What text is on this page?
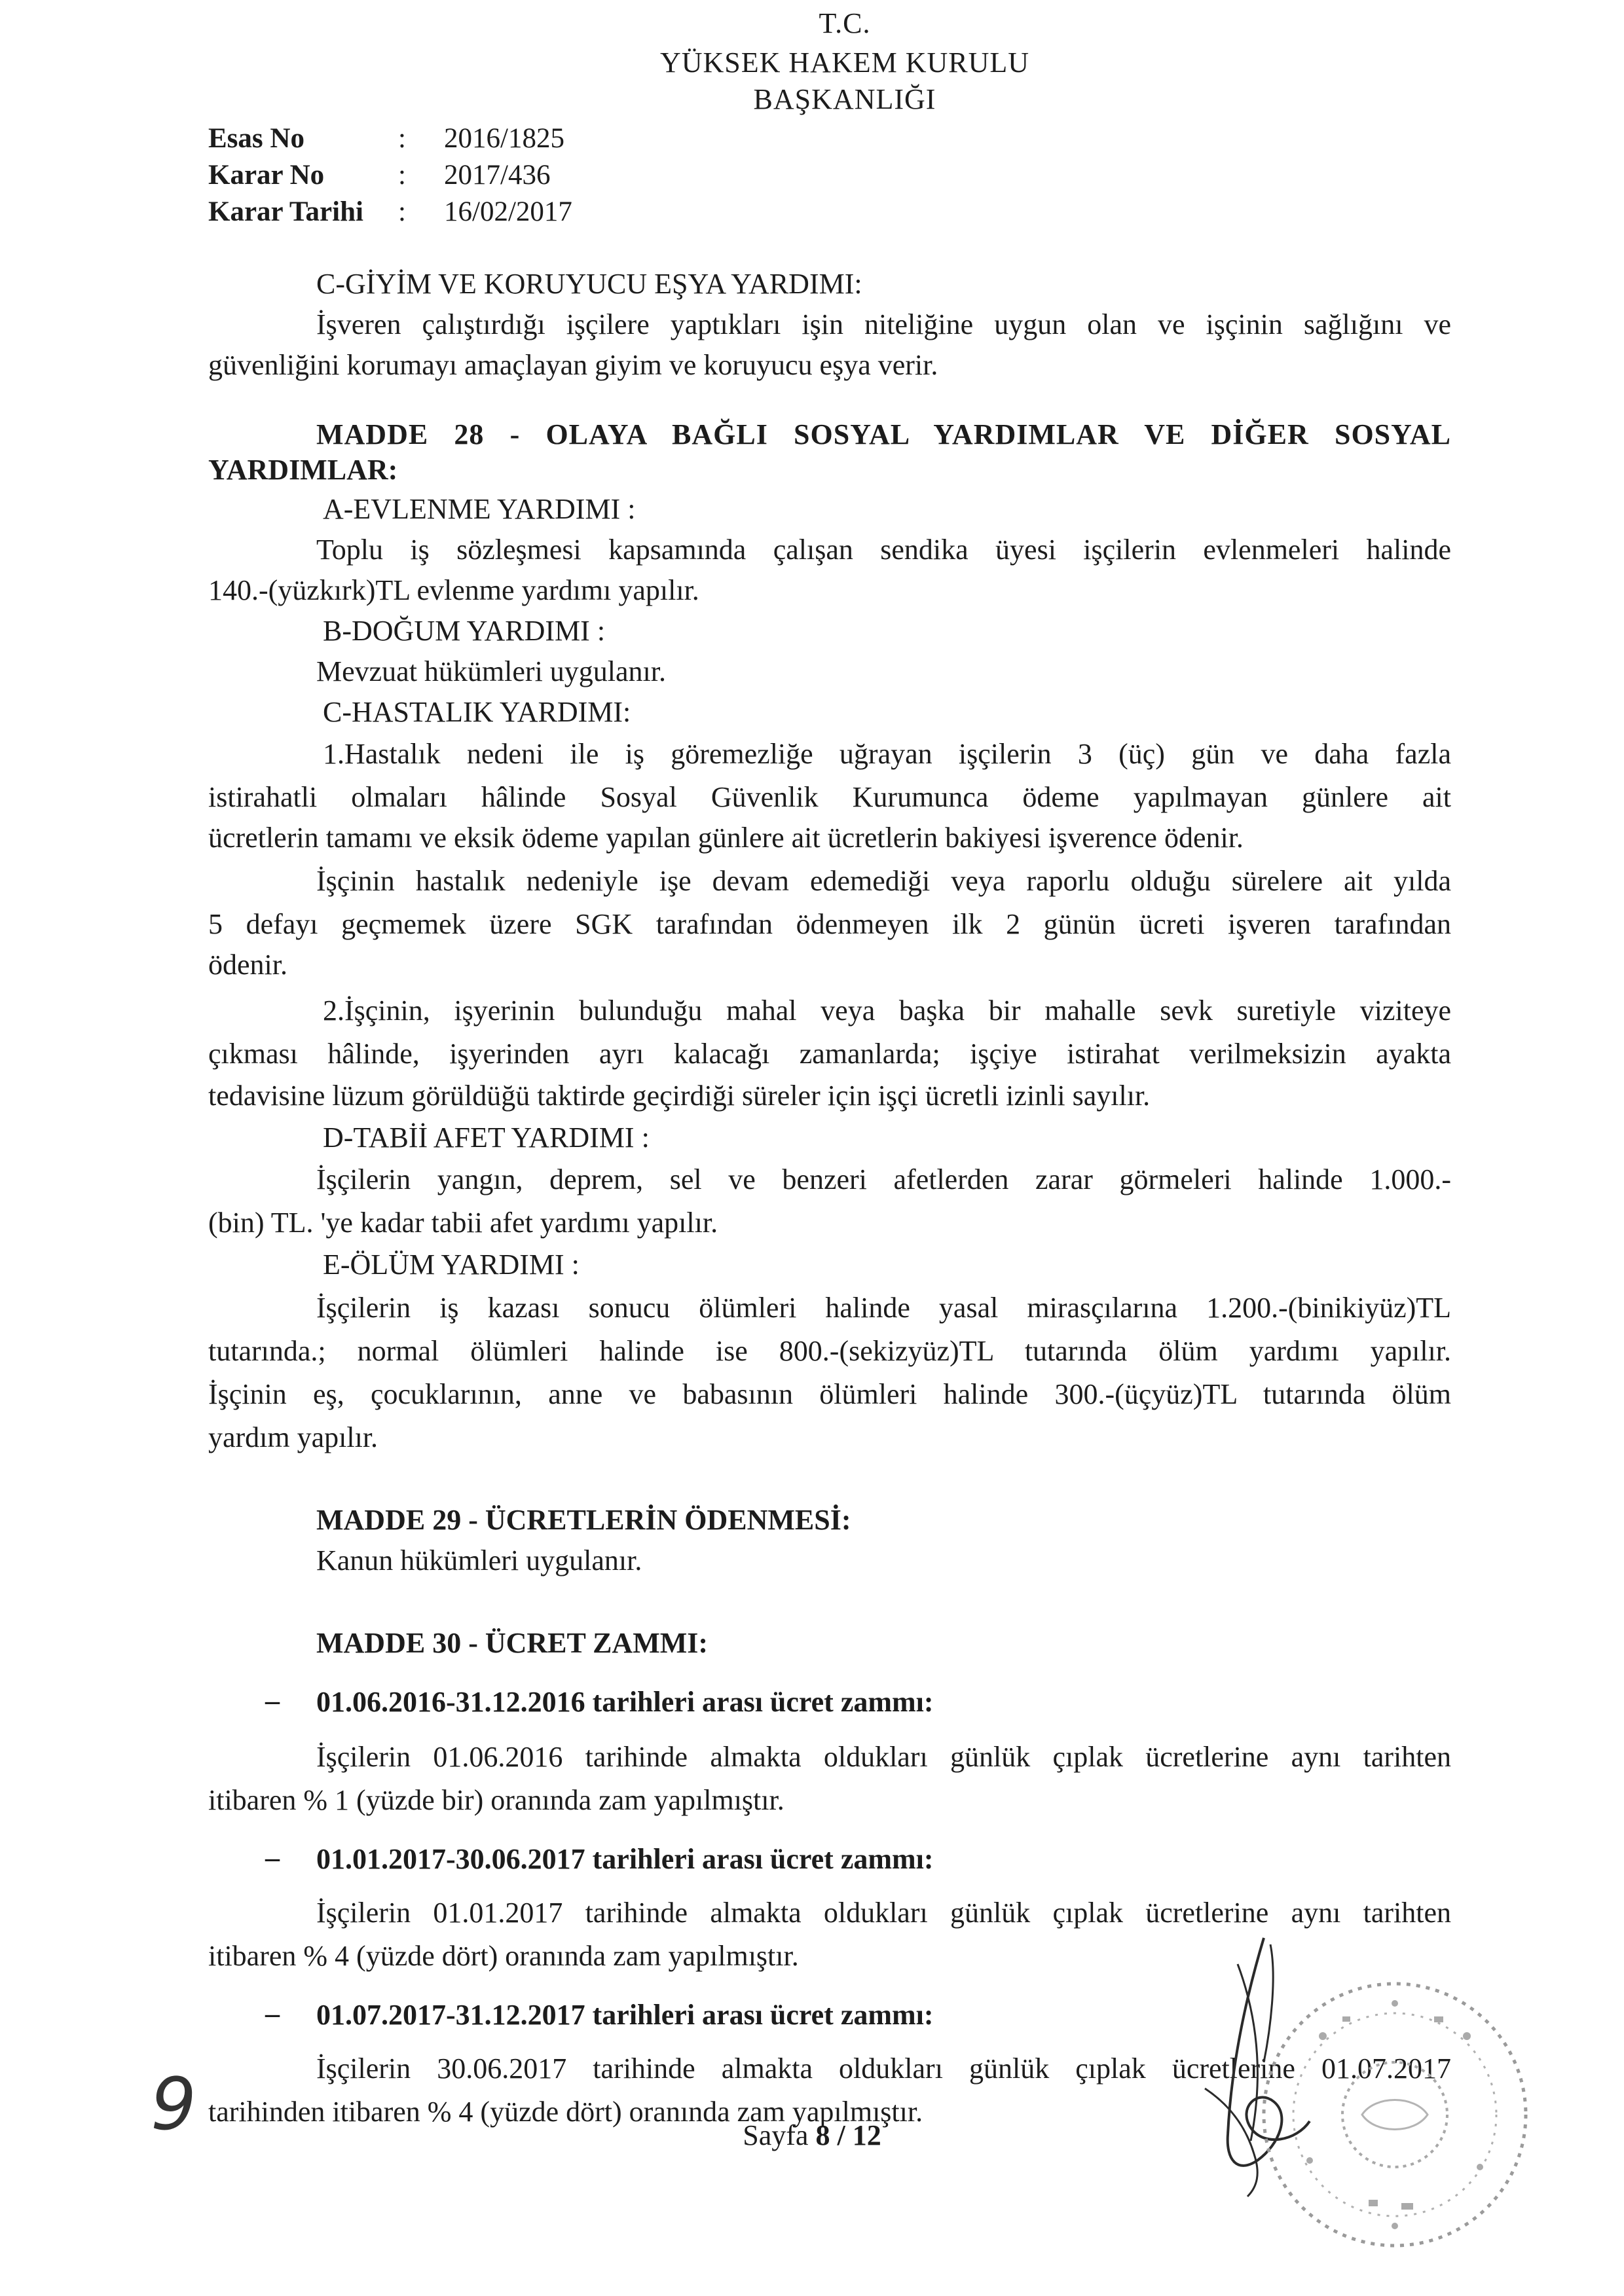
T.C.
YÜKSEK HAKEM KURULU
BAŞKANLIĞI
Esas No	: 2016/1825
Karar No	: 2017/436
Karar Tarihi : 16/02/2017
C-GİYİM VE KORUYUCU EŞYA YARDIMI:
İşveren çalıştırdığı işçilere yaptıkları işin niteliğine uygun olan ve işçinin sağlığını ve
güvenliğini korumayı amaçlayan giyim ve koruyucu eşya verir.
MADDE 28 - OLAYA BAĞLI SOSYAL YARDIMLAR VE DİĞER SOSYAL
YARDIMLAR:
A-EVLENME YARDIMI :
Toplu iş sözleşmesi kapsamında çalışan sendika üyesi işçilerin evlenmeleri halinde
140.-(yüzkırk)TL evlenme yardımı yapılır.
B-DOĞUM YARDIMI :
Mevzuat hükümleri uygulanır.
C-HASTALIK YARDIMI:
1.Hastalık nedeni ile iş göremezliğe uğrayan işçilerin 3 (üç) gün ve daha fazla
istirahatli olmaları hâlinde Sosyal Güvenlik Kurumunca ödeme yapılmayan günlere ait
ücretlerin tamamı ve eksik ödeme yapılan günlere ait ücretlerin bakiyesi işverence ödenir.
İşçinin hastalık nedeniyle işe devam edemediği veya raporlu olduğu sürelere ait yılda
5 defayı geçmemek üzere SGK tarafından ödenmeyen ilk 2 günün ücreti işveren tarafından
ödenir.
2.İşçinin, işyerinin bulunduğu mahal veya başka bir mahalle sevk suretiyle viziteye
çıkması hâlinde, işyerinden ayrı kalacağı zamanlarda; işçiye istirahat verilmeksizin ayakta
tedavisine lüzum görüldüğü taktirde geçirdiği süreler için işçi ücretli izinli sayılır.
D-TABİİ AFET YARDIMI :
İşçilerin yangın, deprem, sel ve benzeri afetlerden zarar görmeleri halinde 1.000.-
(bin) TL. 'ye kadar tabii afet yardımı yapılır.
E-ÖLÜM YARDIMI :
İşçilerin iş kazası sonucu ölümleri halinde yasal mirasçılarına 1.200.-(binikiyüz)TL
tutarında.; normal ölümleri halinde ise 800.-(sekizyüz)TL tutarında ölüm yardımı yapılır.
İşçinin eş, çocuklarının, anne ve babasının ölümleri halinde 300.-(üçyüz)TL tutarında ölüm
yardım yapılır.
MADDE 29 - ÜCRETLERİN ÖDENMESİ:
Kanun hükümleri uygulanır.
MADDE 30 - ÜCRET ZAMMI:
–	01.06.2016-31.12.2016 tarihleri arası ücret zammı:
İşçilerin 01.06.2016 tarihinde almakta oldukları günlük çıplak ücretlerine aynı tarihten
itibaren % 1 (yüzde bir) oranında zam yapılmıştır.
–	01.01.2017-30.06.2017 tarihleri arası ücret zammı:
İşçilerin 01.01.2017 tarihinde almakta oldukları günlük çıplak ücretlerine aynı tarihten
itibaren % 4 (yüzde dört) oranında zam yapılmıştır.
–	01.07.2017-31.12.2017 tarihleri arası ücret zammı:
İşçilerin 30.06.2017 tarihinde almakta oldukları günlük çıplak ücretlerine 01.07.2017
tarihinden itibaren % 4 (yüzde dört) oranında zam yapılmıştır.
9	Sayfa 8 / 12
